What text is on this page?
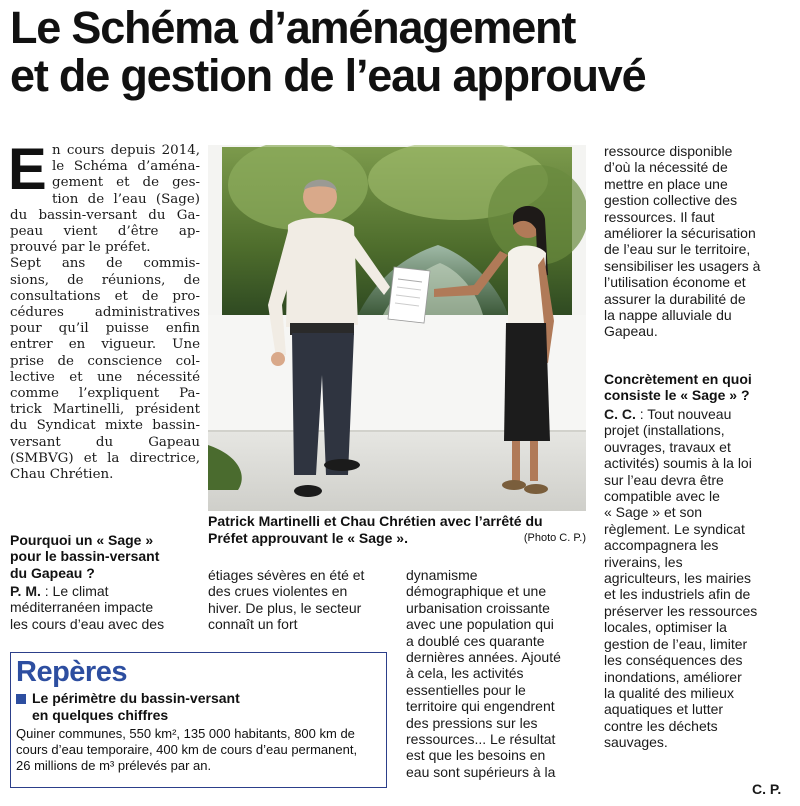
Le Schéma d’aménagement
et de gestion de l’eau approuvé
E n cours depuis 2014,
le Schéma d’aména-
gement et de ges-
tion de l’eau (Sage)
du bassin-versant du Ga-
peau vient d’être ap-
prouvé par le préfet.
Sept ans de commis-
sions, de réunions, de
consultations et de pro-
cédures administratives
pour qu’il puisse enfin
entrer en vigueur. Une
prise de conscience col-
lective et une nécessité
comme l’expliquent Pa-
trick Martinelli, président
du Syndicat mixte bassin-
versant du Gapeau
(SMBVG) et la directrice,
Chau Chrétien.
Pourquoi un « Sage »
pour le bassin-versant
du Gapeau ?
P. M. : Le climat
méditerranéen impacte
les cours d’eau avec des
étiages sévères en été et
des crues violentes en
hiver. De plus, le secteur
connaît un fort
dynamisme
démographique et une
urbanisation croissante
avec une population qui
a doublé ces quarante
dernières années. Ajouté
à cela, les activités
essentielles pour le
territoire qui engendrent
des pressions sur les
ressources... Le résultat
est que les besoins en
eau sont supérieurs à la
ressource disponible
d’où la nécessité de
mettre en place une
gestion collective des
ressources. Il faut
améliorer la sécurisation
de l’eau sur le territoire,
sensibiliser les usagers à
l’utilisation économe et
assurer la durabilité de
la nappe alluviale du
Gapeau.
Concrètement en quoi
consiste le « Sage » ?
C. C. : Tout nouveau
projet (installations,
ouvrages, travaux et
activités) soumis à la loi
sur l’eau devra être
compatible avec le
« Sage » et son
règlement. Le syndicat
accompagnera les
riverains, les
agriculteurs, les mairies
et les industriels afin de
préserver les ressources
locales, optimiser la
gestion de l’eau, limiter
les conséquences des
inondations, améliorer
la qualité des milieux
aquatiques et lutter
contre les déchets
sauvages.
C. P.
Patrick Martinelli et Chau Chrétien avec l’arrêté du
Préfet approuvant le « Sage ».	(Photo C. P.)
Repères
Le périmètre du bassin-versant
en quelques chiffres
Quiner communes, 550 km², 135 000 habitants, 800 km de
cours d’eau temporaire, 400 km de cours d’eau permanent,
26 millions de m³ prélevés par an.
